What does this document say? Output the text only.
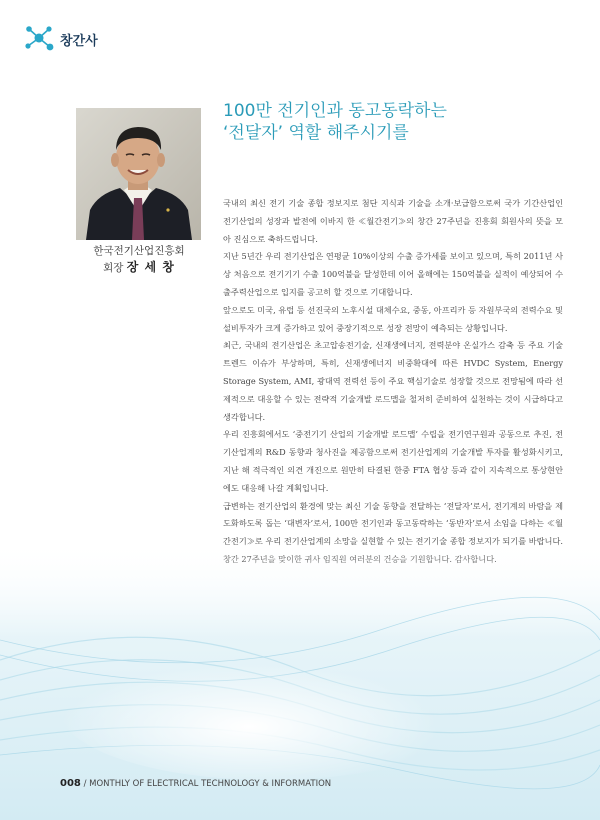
창간사
한국전기산업진흥회
회장 장 세 창
100만 전기인과 동고동락하는
‘전달자’ 역할 해주시기를

국내의 최신 전기 기술 종합 정보지로 첨단 지식과 기술을 소개·보급함으로써 국가 기간산업인 전기산업의 성장과 발전에 이바지 한 ≪월간전기≫의 창간 27주년을 진흥회 회원사의 뜻을 모아 진심으로 축하드립니다.

지난 5년간 우리 전기산업은 연평균 10%이상의 수출 증가세를 보이고 있으며, 특히 2011년 사상 처음으로 전기기기 수출 100억불을 달성한데 이어 올해에는 150억불을 실적이 예상되어 수출주력산업으로 입지를 공고히 할 것으로 기대합니다.

앞으로도 미국, 유럽 등 선진국의 노후시설 대체수요, 중동, 아프리카 등 자원부국의 전력수요 및 설비투자가 크게 증가하고 있어 중장기적으로 성장 전망이 예측되는 상황입니다.

최근, 국내의 전기산업은 초고압송전기술, 신재생에너지, 전력분야 온실가스 감축 등 주요 기술 트렌드 이슈가 부상하며, 특히, 신재생에너지 비중확대에 따른 HVDC System, Energy Storage System, AMI, 광대역 전력선 등이 주요 핵심기술로 성장할 것으로 전망됨에 따라 선제적으로 대응할 수 있는 전략적 기술개발 로드맵을 철저히 준비하여 실천하는 것이 시급하다고 생각합니다.

우리 진흥회에서도 ‘중전기기 산업의 기술개발 로드맵’ 수립을 전기연구원과 공동으로 추진, 전기산업계의 R&D 동향과 청사진을 제공함으로써 전기산업계의 기술개발 투자를 활성화시키고, 지난 해 적극적인 의견 개진으로 원만히 타결된 한중 FTA 협상 등과 같이 지속적으로 통상현안에도 대응해 나갈 계획입니다.

급변하는 전기산업의 환경에 맞는 최신 기술 동향을 전달하는 ‘전달자’로서, 전기계의 바람을 제도화하도록 돕는 ‘대변자’로서, 100만 전기인과 동고동락하는 ‘동반자’로서 소임을 다하는 ≪월

008 / MONTHLY OF ELECTRICAL TECHNOLOGY & INFORMATION
